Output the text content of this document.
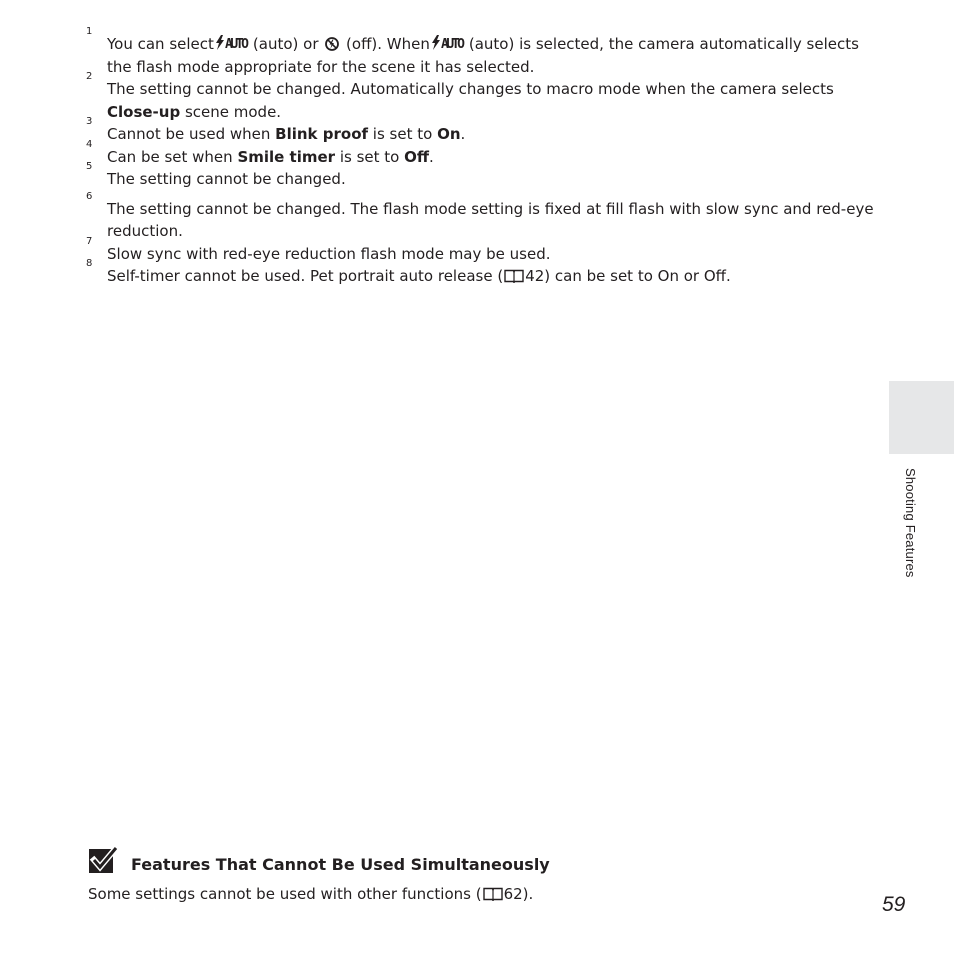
1
You can select AUTO (auto) or (off). When AUTO (auto) is selected, the camera automatically selects the flash mode appropriate for the scene it has selected.
2
The setting cannot be changed. Automatically changes to macro mode when the camera selects Close-up scene mode.
3
Cannot be used when Blink proof is set to On.
4
Can be set when Smile timer is set to Off.
5
The setting cannot be changed.
6
The setting cannot be changed. The flash mode setting is fixed at fill flash with slow sync and red-eye reduction.
7
Slow sync with red-eye reduction flash mode may be used.
8
Self-timer cannot be used. Pet portrait auto release ( 42) can be set to On or Off.
Shooting Features
Features That Cannot Be Used Simultaneously
Some settings cannot be used with other functions ( 62).	59
